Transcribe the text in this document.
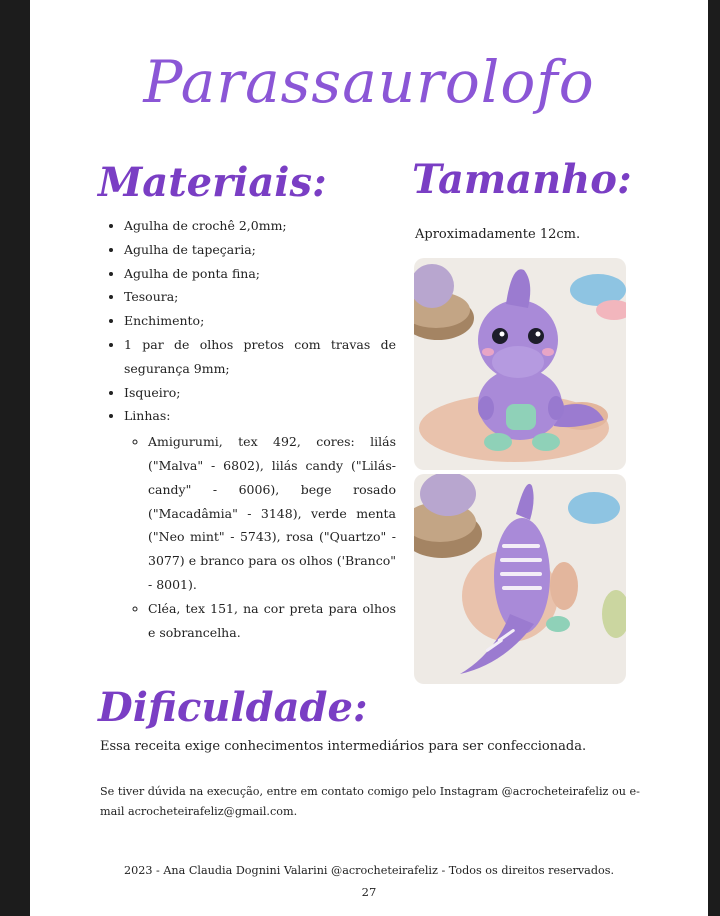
Parassaurolofo
Materiais: Tamanho:
• Agulha de crochê 2,0mm;
• Agulha de tapeçaria;
• Agulha de ponta fina;
• Tesoura;
• Enchimento;
• 1 par de olhos pretos com travas de segurança 9mm;
• Isqueiro;
• Linhas:
◦ Amigurumi, tex 492, cores: lilás ("Malva" - 6802), lilás candy ("Lilás-candy" - 6006), bege rosado ("Macadâmia" - 3148), verde menta ("Neo mint" - 5743), rosa ("Quartzo" - 3077) e branco para os olhos ('Branco" - 8001).
◦ Cléa, tex 151, na cor preta para olhos e sobrancelha.

Aproximadamente 12cm.

Dificuldade:

Essa receita exige conhecimentos intermediários para ser confeccionada.

Se tiver dúvida na execução, entre em contato comigo pelo Instagram @acrocheteirafeliz ou e-mail acrocheteirafeliz@gmail.com.

2023 - Ana Claudia Dognini Valarini @acrocheteirafeliz - Todos os direitos reservados.

27
